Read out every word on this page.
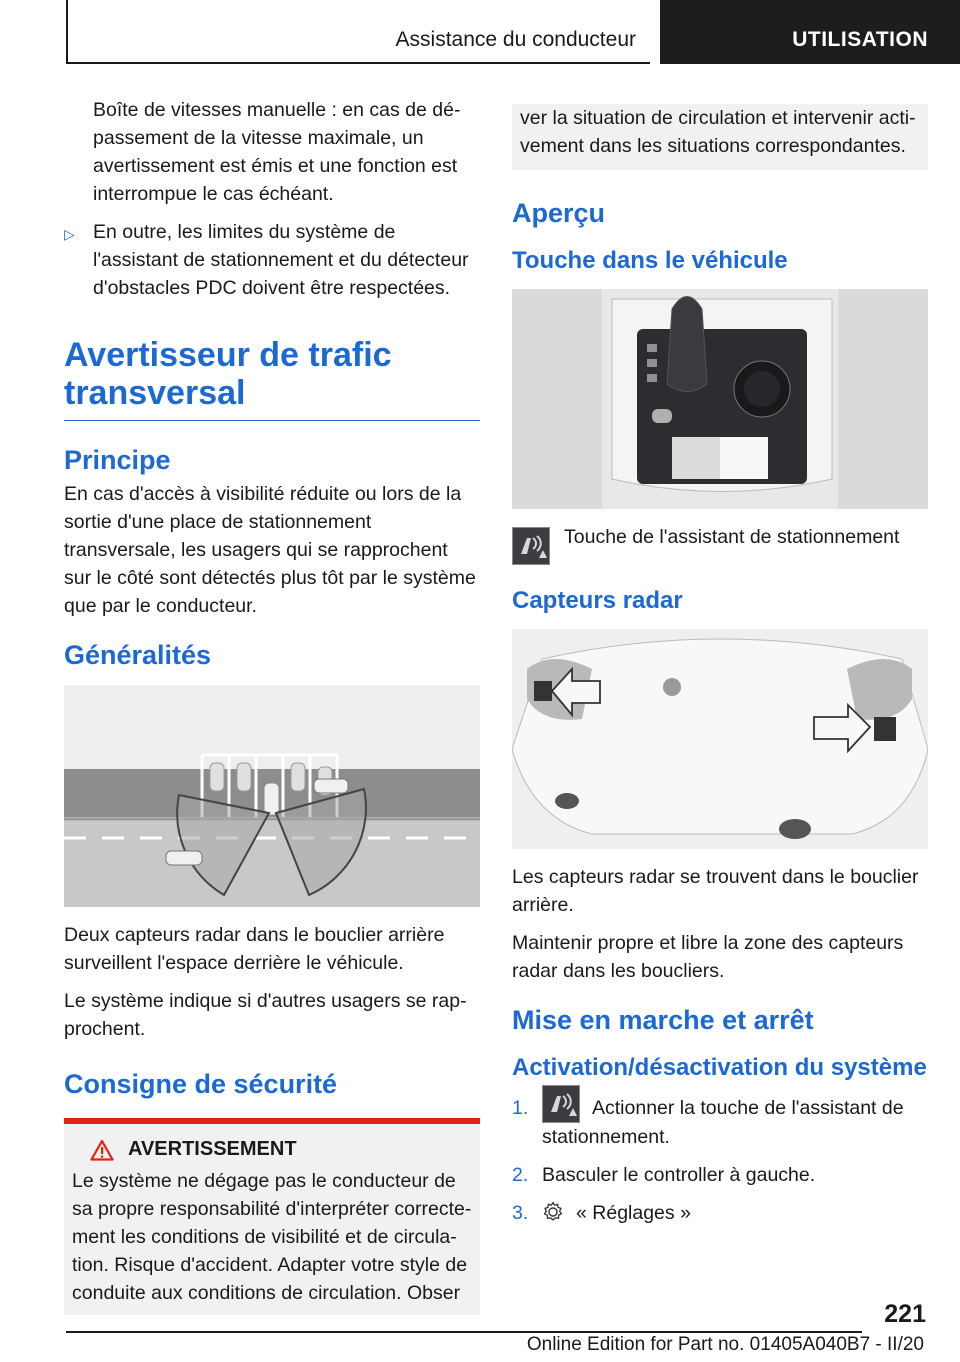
Assistance du conducteur	UTILISATION

Boîte de vitesses manuelle : en cas de dépassement de la vitesse maximale, un avertissement est émis et une fonction est interrompue le cas échéant.

▷ En outre, les limites du système de l'assistant de stationnement et du détecteur d'obstacles PDC doivent être respectées.
Avertisseur de trafic transversal
Principe

En cas d'accès à visibilité réduite ou lors de la sortie d'une place de stationnement transversale, les usagers qui se rapprochent sur le côté sont détectés plus tôt par le système que par le conducteur.

Généralités

Deux capteurs radar dans le bouclier arrière surveillent l'espace derrière le véhicule.

Le système indique si d'autres usagers se rapprochent.

Consigne de sécurité
AVERTISSEMENT

Le système ne dégage pas le conducteur de sa propre responsabilité d'interpréter correctement les conditions de visibilité et de circulation. Risque d'accident. Adapter votre style de conduite aux conditions de circulation. Obser

ver la situation de circulation et intervenir activement dans les situations correspondantes.

Aperçu
Touche dans le véhicule
Touche de l'assistant de stationnement
Capteurs radar

Les capteurs radar se trouvent dans le bouclier arrière.

Maintenir propre et libre la zone des capteurs radar dans les boucliers.

Mise en marche et arrêt
Activation/désactivation du système
1.	Actionner la touche de l'assistant de stationnement.
2. Basculer le controller à gauche.
3.	« Réglages »
221
Online Edition for Part no. 01405A040B7 - II/20
